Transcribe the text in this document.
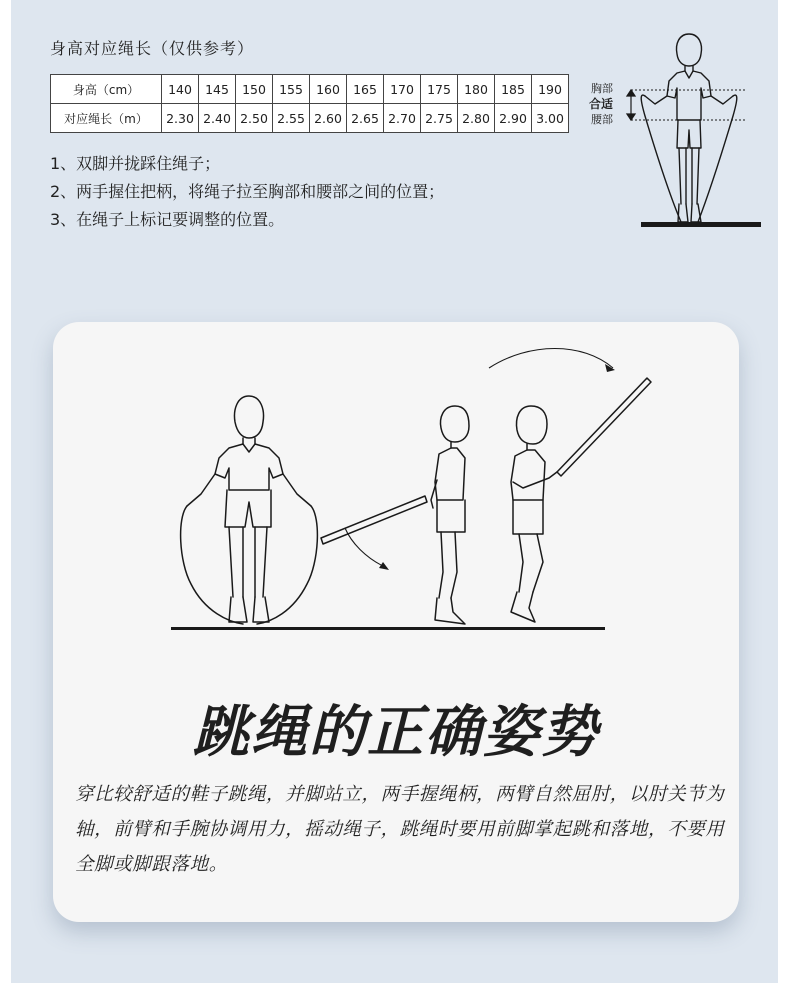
身高对应绳长（仅供参考）
身高（cm）	140	145	150	155	160	165	170	175	180	185	190
对应绳长（m）	2.30	2.40	2.50	2.55	2.60	2.65	2.70	2.75	2.80	2.90	3.00
1、双脚并拢踩住绳子；
2、两手握住把柄，将绳子拉至胸部和腰部之间的位置；
3、在绳子上标记要调整的位置。
胸部
合适
腰部
跳绳的正确姿势
穿比较舒适的鞋子跳绳，并脚站立，两手握绳柄，两臂自然屈肘，以肘关节为轴，前臂和手腕协调用力，摇动绳子，跳绳时要用前脚掌起跳和落地，不要用全脚或脚跟落地。
